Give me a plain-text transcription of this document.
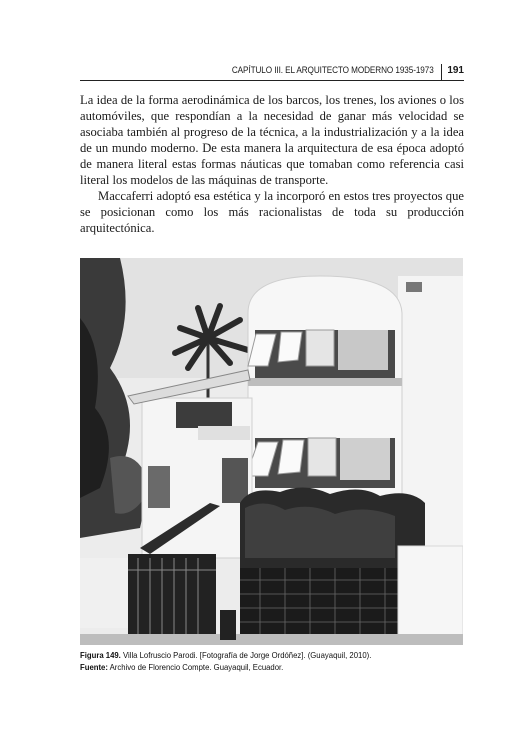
CAPÍTULO III. EL ARQUITECTO MODERNO 1935-1973 191

La idea de la forma aerodinámica de los barcos, los trenes, los aviones o los automóviles, que respondían a la necesidad de ganar más velocidad se asociaba también al progreso de la técnica, a la industrialización y a la idea de un mundo moderno. De esta manera la arquitectura de esa época adoptó de manera literal estas formas náuticas que tomaban como referencia casi literal los modelos de las máquinas de transporte.

Maccaferri adoptó esa estética y la incorporó en estos tres proyectos que se posicionan como los más racionalistas de toda su producción arquitectónica.

Figura 149. Villa Lofruscio Parodi. [Fotografía de Jorge Ordóñez]. (Guayaquil, 2010).
Fuente: Archivo de Florencio Compte. Guayaquil, Ecuador.
